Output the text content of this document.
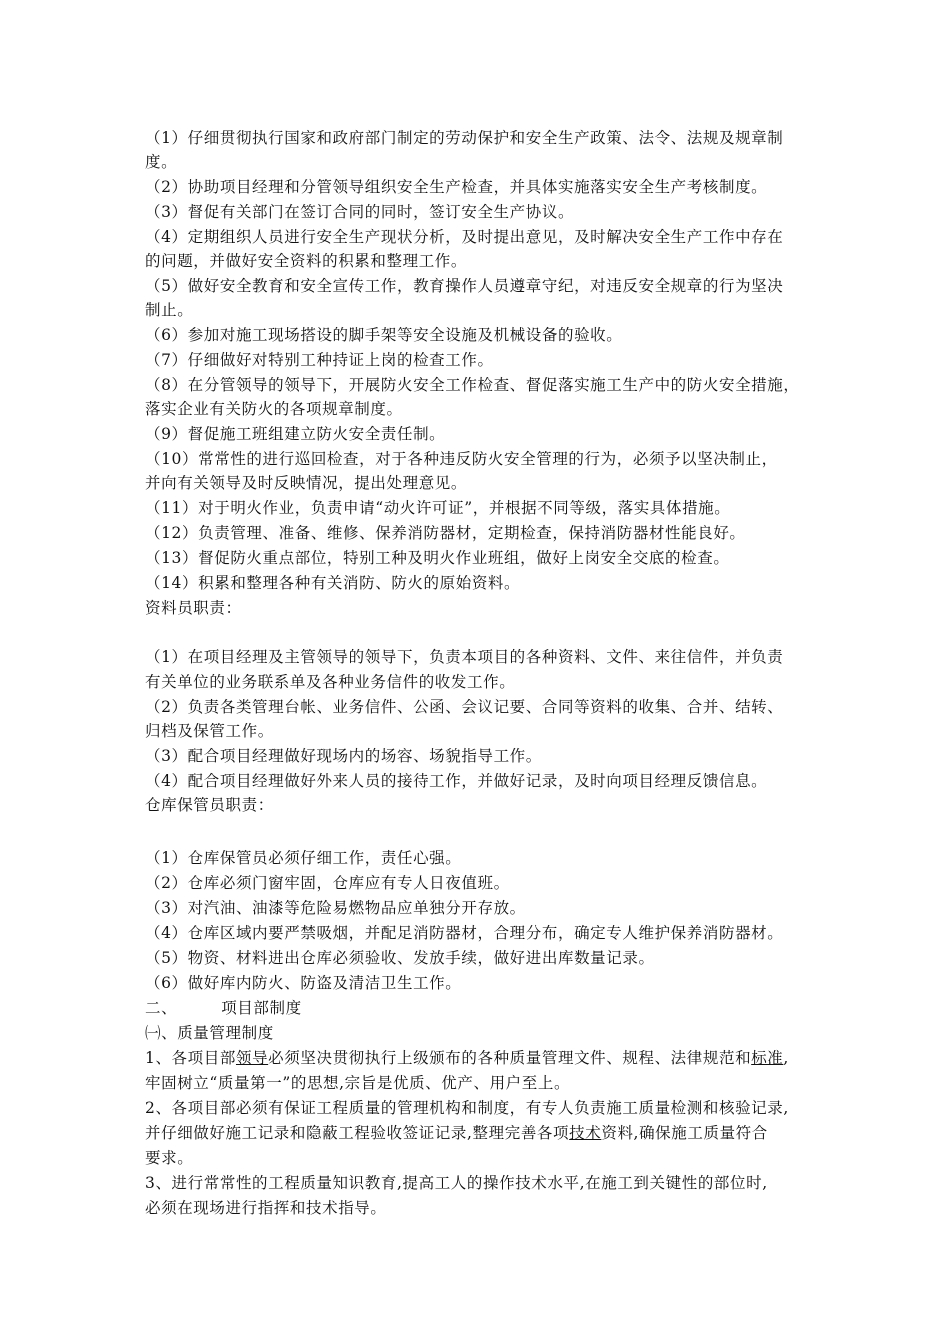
（1）仔细贯彻执行国家和政府部门制定的劳动保护和安全生产政策、法令、法规及规章制
度。
（2）协助项目经理和分管领导组织安全生产检查，并具体实施落实安全生产考核制度。
（3）督促有关部门在签订合同的同时，签订安全生产协议。
（4）定期组织人员进行安全生产现状分析，及时提出意见，及时解决安全生产工作中存在
的问题，并做好安全资料的积累和整理工作。
（5）做好安全教育和安全宣传工作，教育操作人员遵章守纪，对违反安全规章的行为坚决
制止。
（6）参加对施工现场搭设的脚手架等安全设施及机械设备的验收。
（7）仔细做好对特别工种持证上岗的检查工作。
（8）在分管领导的领导下，开展防火安全工作检查、督促落实施工生产中的防火安全措施，
落实企业有关防火的各项规章制度。
（9）督促施工班组建立防火安全责任制。
（10）常常性的进行巡回检查，对于各种违反防火安全管理的行为，必须予以坚决制止，
并向有关领导及时反映情况，提出处理意见。
（11）对于明火作业，负责申请“动火许可证”，并根据不同等级，落实具体措施。
（12）负责管理、准备、维修、保养消防器材，定期检查，保持消防器材性能良好。
（13）督促防火重点部位，特别工种及明火作业班组，做好上岗安全交底的检查。
（14）积累和整理各种有关消防、防火的原始资料。
资料员职责：
（1）在项目经理及主管领导的领导下，负责本项目的各种资料、文件、来往信件，并负责
有关单位的业务联系单及各种业务信件的收发工作。
（2）负责各类管理台帐、业务信件、公函、会议记要、合同等资料的收集、合并、结转、
归档及保管工作。
（3）配合项目经理做好现场内的场容、场貌指导工作。
（4）配合项目经理做好外来人员的接待工作，并做好记录，及时向项目经理反馈信息。
仓库保管员职责：
（1）仓库保管员必须仔细工作，责任心强。
（2）仓库必须门窗牢固，仓库应有专人日夜值班。
（3）对汽油、油漆等危险易燃物品应单独分开存放。
（4）仓库区域内要严禁吸烟，并配足消防器材，合理分布，确定专人维护保养消防器材。
（5）物资、材料进出仓库必须验收、发放手续，做好进出库数量记录。
（6）做好库内防火、防盗及清洁卫生工作。
二、	项目部制度
㈠、质量管理制度
1、各项目部领导必须坚决贯彻执行上级颁布的各种质量管理文件、规程、法律规范和标准,
牢固树立“质量第一”的思想,宗旨是优质、优产、用户至上。
2、各项目部必须有保证工程质量的管理机构和制度，有专人负责施工质量检测和核验记录,
并仔细做好施工记录和隐蔽工程验收签证记录,整理完善各项技术资料,确保施工质量符合
要求。
3、进行常常性的工程质量知识教育,提高工人的操作技术水平,在施工到关键性的部位时,
必须在现场进行指挥和技术指导。
